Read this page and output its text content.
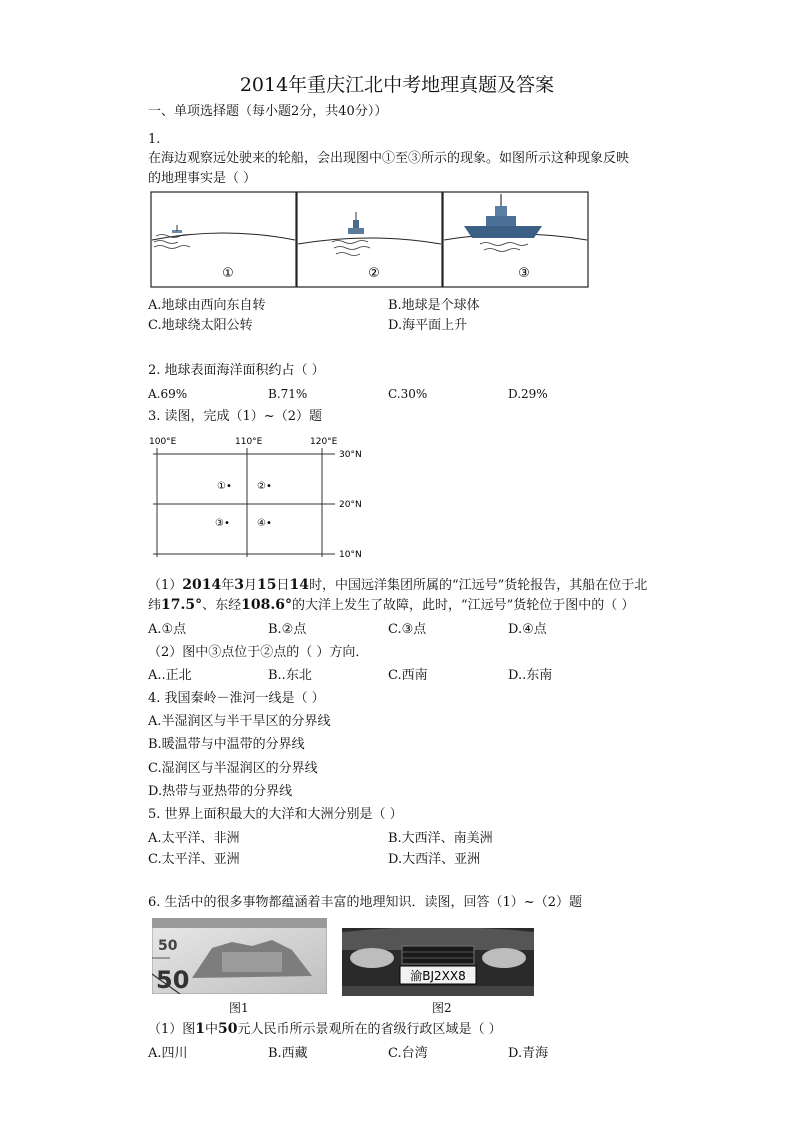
2014年重庆江北中考地理真题及答案
一、单项选择题（每小题2分，共40分））
1.
在海边观察远处驶来的轮船，会出现图中①至③所示的现象。如图所示这种现象反映
的地理事实是（ ）
①	②	③
A.地球由西向东自转	B.地球是个球体
C.地球绕太阳公转	D.海平面上升
2. 地球表面海洋面积约占（ ）
A.69%	B.71%	C.30%	D.29%
3. 读图，完成（1）~（2）题
100°E	110°E	120°E
30°N
20°N
10°N
①•	②•
③•	④•
（1）2014年3月15日14时，中国远洋集团所属的“江远号”货轮报告，其船在位于北
纬17.5°、东经108.6°的大洋上发生了故障，此时，“江远号”货轮位于图中的（ ）
A.①点	B.②点	C.③点	D.④点
（2）图中③点位于②点的（ ）方向．
A..正北	B..东北	C.西南	D..东南
4. 我国秦岭－淮河一线是（ ）
A.半湿润区与半干旱区的分界线
B.暖温带与中温带的分界线
C.湿润区与半湿润区的分界线
D.热带与亚热带的分界线
5. 世界上面积最大的大洋和大洲分别是（ ）
A.太平洋、非洲	B.大西洋、南美洲
C.太平洋、亚洲	D.大西洋、亚洲
6. 生活中的很多事物都蕴涵着丰富的地理知识．读图，回答（1）~（2）题
50
50
图1
渝BJ2XX8
图2
（1）图1中50元人民币所示景观所在的省级行政区域是（ ）
A.四川	B.西藏	C.台湾	D.青海
